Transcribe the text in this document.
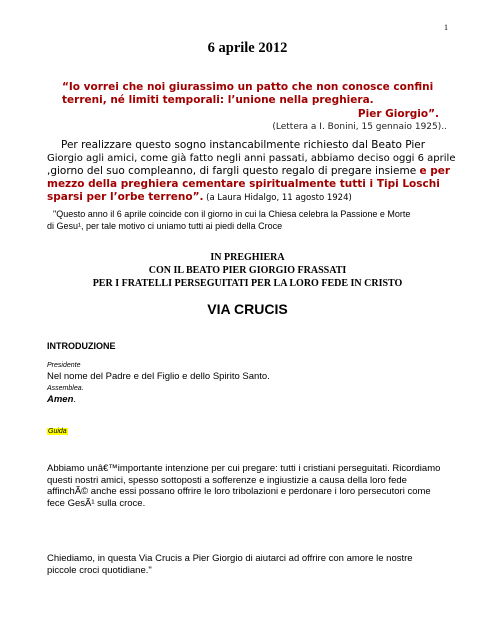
1
6 aprile 2012

“Io vorrei che noi giurassimo un patto che non conosce confini

terreni, né limiti temporali: l’unione nella preghiera.

Pier Giorgio”.
(Lettera a I. Bonini, 15 gennaio 1925)..

Per realizzare questo sogno instancabilmente richiesto dal Beato Pier

Giorgio agli amici, come già fatto negli anni passati, abbiamo deciso oggi 6 aprile

,giorno del suo compleanno, di fargli questo regalo di pregare insieme e per

mezzo della preghiera cementare spiritualmente tutti i Tipi Loschi

sparsi per l’orbe terreno”. (a Laura Hidalgo, 11 agosto 1924)

"Questo anno il 6 aprile coincide con il giorno in cui la Chiesa celebra la Passione e Morte

di Gesu¹, per tale motivo ci uniamo tutti ai piedi della Croce

IN PREGHIERA

CON IL BEATO PIER GIORGIO FRASSATI

PER I FRATELLI PERSEGUITATI PER LA LORO FEDE IN CRISTO

VIA CRUCIS
INTRODUZIONE
Presidente
Nel nome del Padre e del Figlio e dello Spirito Santo.
Assemblea.
Amen.
Guida

Abbiamo unâ€™importante intenzione per cui pregare: tutti i cristiani perseguitati. Ricordiamo

questi nostri amici, spesso sottoposti a sofferenze e ingiustizie a causa della loro fede

affinchÃ© anche essi possano offrire le loro tribolazioni e perdonare i loro persecutori come

fece GesÃ¹ sulla croce.

Chiediamo, in questa Via Crucis a Pier Giorgio di aiutarci ad offrire con amore le nostre

piccole croci quotidiane."
